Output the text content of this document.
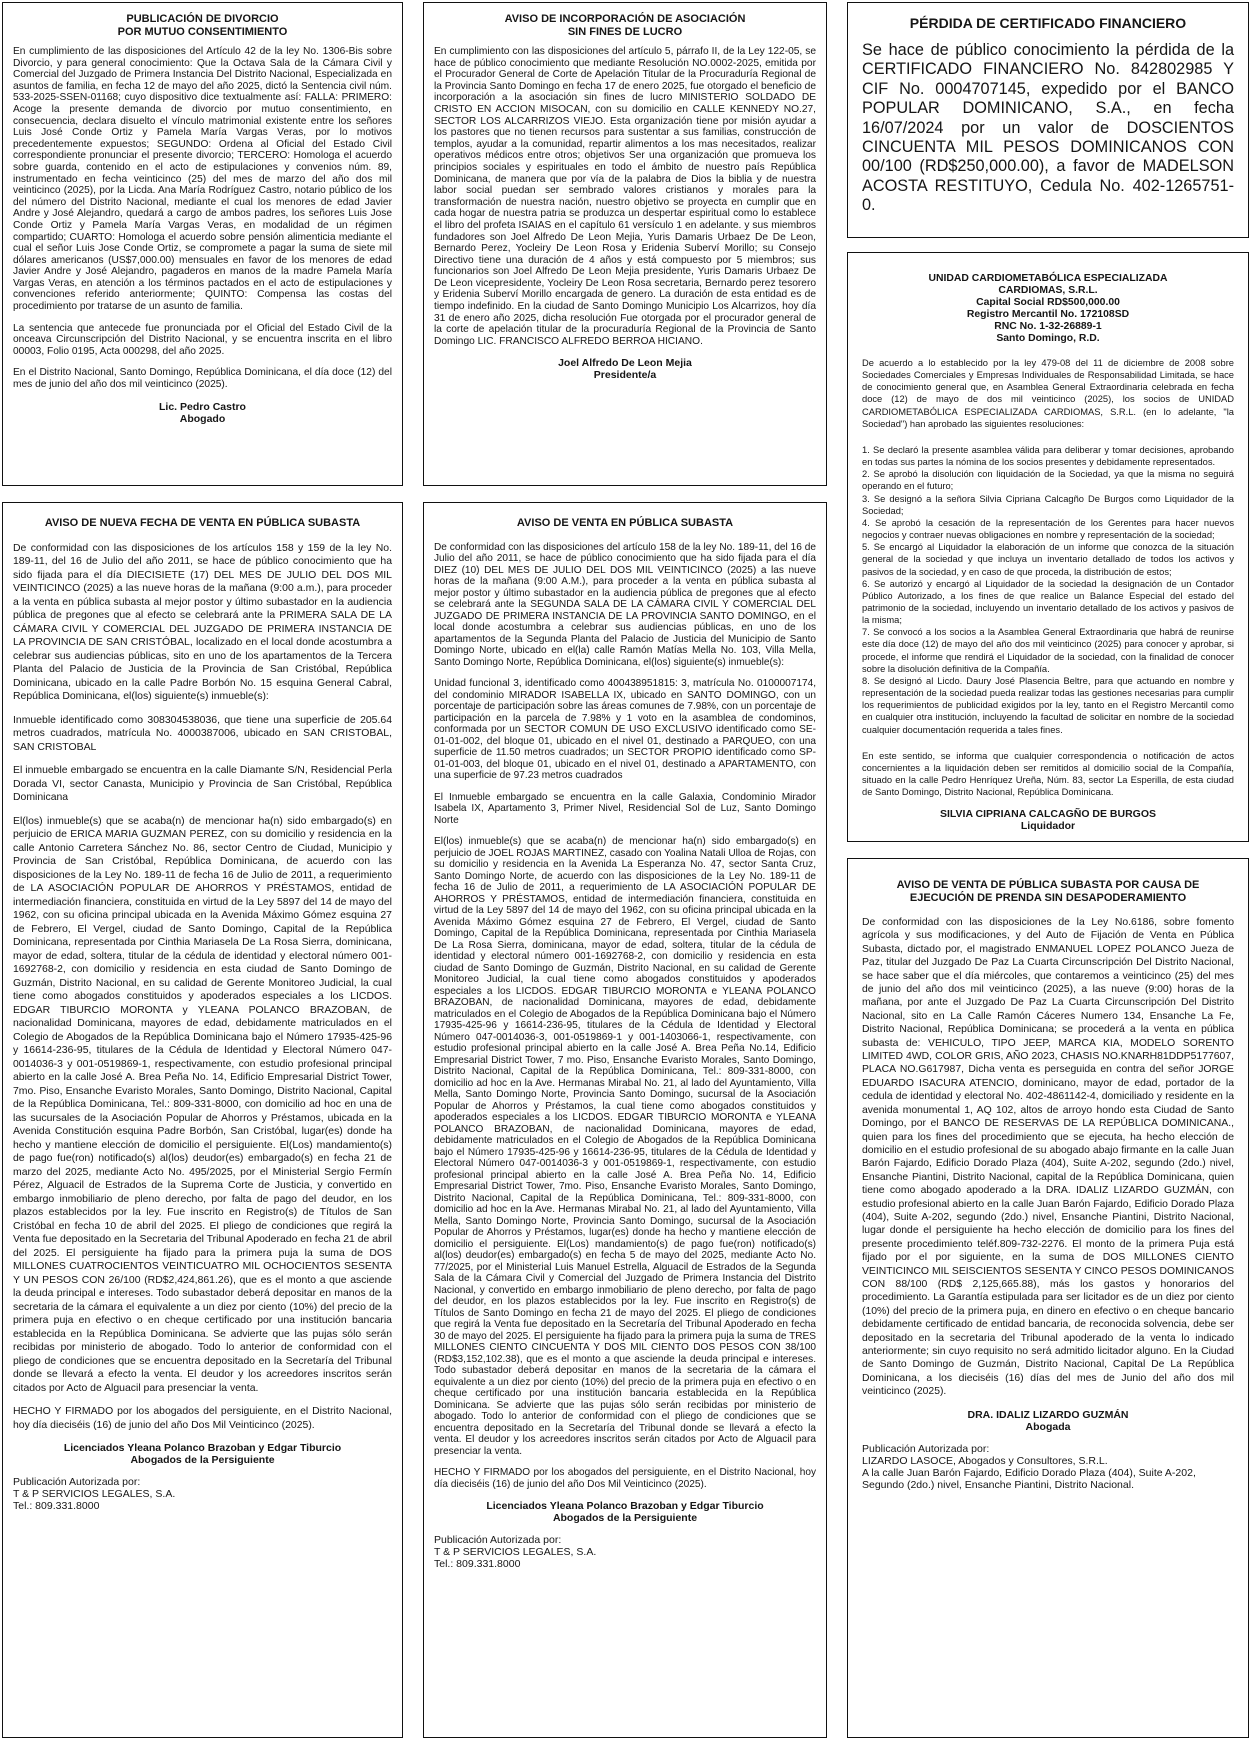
PUBLICACIÓN DE DIVORCIO
POR MUTUO CONSENTIMIENTO

En cumplimiento de las disposiciones del Artículo 42 de la ley No. 1306-Bis sobre Divorcio, y para general conocimiento: Que la Octava Sala de la Cámara Civil y Comercial del Juzgado de Primera Instancia Del Distrito Nacional, Especializada en asuntos de familia, en fecha 12 de mayo del año 2025, dictó la Sentencia civil núm. 533-2025-SSEN-01168; cuyo dispositivo dice textualmente así: FALLA: PRIMERO: Acoge la presente demanda de divorcio por mutuo consentimiento, en consecuencia, declara disuelto el vínculo matrimonial existente entre los señores Luis José Conde Ortiz y Pamela María Vargas Veras, por lo motivos precedentemente expuestos; SEGUNDO: Ordena al Oficial del Estado Civil correspondiente pronunciar el presente divorcio; TERCERO: Homologa el acuerdo sobre guarda, contenido en el acto de estipulaciones y convenios núm. 89, instrumentado en fecha veinticinco (25) del mes de marzo del año dos mil veinticinco (2025), por la Licda. Ana María Rodríguez Castro, notario público de los del número del Distrito Nacional, mediante el cual los menores de edad Javier Andre y José Alejandro, quedará a cargo de ambos padres, los señores Luis Jose Conde Ortiz y Pamela María Vargas Veras, en modalidad de un régimen compartido; CUARTO: Homologa el acuerdo sobre pensión alimenticia mediante el cual el señor Luis Jose Conde Ortiz, se compromete a pagar la suma de siete mil dólares americanos (US$7,000.00) mensuales en favor de los menores de edad Javier Andre y José Alejandro, pagaderos en manos de la madre Pamela María Vargas Veras, en atención a los términos pactados en el acto de estipulaciones y convenciones referido anteriormente; QUINTO: Compensa las costas del procedimiento por tratarse de un asunto de familia.

La sentencia que antecede fue pronunciada por el Oficial del Estado Civil de la onceava Circunscripción del Distrito Nacional, y se encuentra inscrita en el libro 00003, Folio 0195, Acta 000298, del año 2025.

En el Distrito Nacional, Santo Domingo, República Dominicana, el día doce (12) del mes de junio del año dos mil veinticinco (2025).

Lic. Pedro Castro
Abogado
AVISO DE INCORPORACIÓN DE ASOCIACIÓN
SIN FINES DE LUCRO

En cumplimiento con las disposiciones del artículo 5, párrafo II, de la Ley 122-05, se hace de público conocimiento que mediante Resolución NO.0002-2025, emitida por el Procurador General de Corte de Apelación Titular de la Procuraduría Regional de la Provincia Santo Domingo en fecha 17 de enero 2025, fue otorgado el beneficio de incorporación a la asociación sin fines de lucro MINISTERIO SOLDADO DE CRISTO EN ACCION MISOCAN, con su domicilio en CALLE KENNEDY NO.27, SECTOR LOS ALCARRIZOS VIEJO. Esta organización tiene por misión ayudar a los pastores que no tienen recursos para sustentar a sus familias, construcción de templos, ayudar a la comunidad, repartir alimentos a los mas necesitados, realizar operativos médicos entre otros; objetivos Ser una organización que promueva los principios sociales y espirituales en todo el ámbito de nuestro país República Dominicana, de manera que por vía de la palabra de Dios la biblia y de nuestra labor social puedan ser sembrado valores cristianos y morales para la transformación de nuestra nación, nuestro objetivo se proyecta en cumplir que en cada hogar de nuestra patria se produzca un despertar espiritual como lo establece el libro del profeta ISAIAS en el capítulo 61 versículo 1 en adelante. y sus miembros fundadores son Joel Alfredo De Leon Mejia, Yuris Damaris Urbaez De De Leon, Bernardo Perez, Yocleiry De Leon Rosa y Eridenia Suberví Morillo; su Consejo Directivo tiene una duración de 4 años y está compuesto por 5 miembros; sus funcionarios son Joel Alfredo De Leon Mejia presidente, Yuris Damaris Urbaez De De Leon vicepresidente, Yocleiry De Leon Rosa secretaria, Bernardo perez tesorero y Eridenia Suberví Morillo encargada de genero. La duración de esta entidad es de tiempo indefinido. En la ciudad de Santo Domingo Municipio Los Alcarrizos, hoy día 31 de enero año 2025, dicha resolución Fue otorgada por el procurador general de la corte de apelación titular de la procuraduría Regional de la Provincia de Santo Domingo LIC. FRANCISCO ALFREDO BERROA HICIANO.

Joel Alfredo De Leon Mejia
Presidente/a
PÉRDIDA DE CERTIFICADO FINANCIERO
Se hace de público conocimiento la pérdida de la CERTIFICADO FINANCIERO No. 842802985 Y CIF No. 0004707145, expedido por el BANCO POPULAR DOMINICANO, S.A., en fecha 16/07/2024 por un valor de DOSCIENTOS CINCUENTA MIL PESOS DOMINICANOS CON 00/100 (RD$250,000.00), a favor de MADELSON ACOSTA RESTITUYO, Cedula No. 402-1265751-0.
UNIDAD CARDIOMETABÓLICA ESPECIALIZADA
CARDIOMAS, S.R.L.
Capital Social RD$500,000.00
Registro Mercantil No. 172108SD
RNC No. 1-32-26889-1
Santo Domingo, R.D.

De acuerdo a lo establecido por la ley 479-08 del 11 de diciembre de 2008 sobre Sociedades Comerciales y Empresas Individuales de Responsabilidad Limitada, se hace de conocimiento general que, en Asamblea General Extraordinaria celebrada en fecha doce (12) de mayo de dos mil veinticinco (2025), los socios de UNIDAD CARDIOMETABÓLICA ESPECIALIZADA CARDIOMAS, S.R.L. (en lo adelante, "la Sociedad") han aprobado las siguientes resoluciones:

1. Se declaró la presente asamblea válida para deliberar y tomar decisiones, aprobando en todas sus partes la nómina de los socios presentes y debidamente representados.
2. Se aprobó la disolución con liquidación de la Sociedad, ya que la misma no seguirá operando en el futuro;
3. Se designó a la señora Silvia Cipriana Calcagño De Burgos como Liquidador de la Sociedad;
4. Se aprobó la cesación de la representación de los Gerentes para hacer nuevos negocios y contraer nuevas obligaciones en nombre y representación de la sociedad;
5. Se encargó al Liquidador la elaboración de un informe que conozca de la situación general de la sociedad y que incluya un inventario detallado de todos los activos y pasivos de la sociedad, y en caso de que proceda, la distribución de estos;
6. Se autorizó y encargó al Liquidador de la sociedad la designación de un Contador Público Autorizado, a los fines de que realice un Balance Especial del estado del patrimonio de la sociedad, incluyendo un inventario detallado de los activos y pasivos de la misma;
7. Se convocó a los socios a la Asamblea General Extraordinaria que habrá de reunirse este día doce (12) de mayo del año dos mil veinticinco (2025) para conocer y aprobar, si procede, el informe que rendirá el Liquidador de la sociedad, con la finalidad de conocer sobre la disolución definitiva de la Compañía.
8. Se designó al Licdo. Daury José Plasencia Beltre, para que actuando en nombre y representación de la sociedad pueda realizar todas las gestiones necesarias para cumplir los requerimientos de publicidad exigidos por la ley, tanto en el Registro Mercantil como en cualquier otra institución, incluyendo la facultad de solicitar en nombre de la sociedad cualquier documentación requerida a tales fines.

En este sentido, se informa que cualquier correspondencia o notificación de actos concernientes a la liquidación deben ser remitidos al domicilio social de la Compañía, situado en la calle Pedro Henríquez Ureña, Núm. 83, sector La Esperilla, de esta ciudad de Santo Domingo, Distrito Nacional, República Dominicana.

SILVIA CIPRIANA CALCAGÑO DE BURGOS
Liquidador
AVISO DE NUEVA FECHA DE VENTA EN PÚBLICA SUBASTA

De conformidad con las disposiciones de los artículos 158 y 159 de la ley No. 189-11, del 16 de Julio del año 2011, se hace de público conocimiento que ha sido fijada para el día DIECISIETE (17) DEL MES DE JULIO DEL DOS MIL VEINTICINCO (2025) a las nueve horas de la mañana (9:00 a.m.), para proceder a la venta en pública subasta al mejor postor y último subastador en la audiencia pública de pregones que al efecto se celebrará ante la PRIMERA SALA DE LA CÁMARA CIVIL Y COMERCIAL DEL JUZGADO DE PRIMERA INSTANCIA DE LA PROVINCIA DE SAN CRISTÓBAL, localizado en el local donde acostumbra a celebrar sus audiencias públicas, sito en uno de los apartamentos de la Tercera Planta del Palacio de Justicia de la Provincia de San Cristóbal, República Dominicana, ubicado en la calle Padre Borbón No. 15 esquina General Cabral, República Dominicana, el(los) siguiente(s) inmueble(s):

Inmueble identificado como 308304538036, que tiene una superficie de 205.64 metros cuadrados, matrícula No. 4000387006, ubicado en SAN CRISTOBAL, SAN CRISTOBAL

El inmueble embargado se encuentra en la calle Diamante S/N, Residencial Perla Dorada VI, sector Canasta, Municipio y Provincia de San Cristóbal, República Dominicana

El(los) inmueble(s) que se acaba(n) de mencionar ha(n) sido embargado(s) en perjuicio de ERICA MARIA GUZMAN PEREZ, con su domicilio y residencia en la calle Antonio Carretera Sánchez No. 86, sector Centro de Ciudad, Municipio y Provincia de San Cristóbal, República Dominicana, de acuerdo con las disposiciones de la Ley No. 189-11 de fecha 16 de Julio de 2011, a requerimiento de LA ASOCIACIÓN POPULAR DE AHORROS Y PRÉSTAMOS, entidad de intermediación financiera, constituida en virtud de la Ley 5897 del 14 de mayo del 1962, con su oficina principal ubicada en la Avenida Máximo Gómez esquina 27 de Febrero, El Vergel, ciudad de Santo Domingo, Capital de la República Dominicana, representada por Cinthia Mariasela De La Rosa Sierra, dominicana, mayor de edad, soltera, titular de la cédula de identidad y electoral número 001-1692768-2, con domicilio y residencia en esta ciudad de Santo Domingo de Guzmán, Distrito Nacional, en su calidad de Gerente Monitoreo Judicial, la cual tiene como abogados constituidos y apoderados especiales a los LICDOS. EDGAR TIBURCIO MORONTA y YLEANA POLANCO BRAZOBAN, de nacionalidad Dominicana, mayores de edad, debidamente matriculados en el Colegio de Abogados de la República Dominicana bajo el Número 17935-425-96 y 16614-236-95, titulares de la Cédula de Identidad y Electoral Número 047-0014036-3 y 001-0519869-1, respectivamente, con estudio profesional principal abierto en la calle José A. Brea Peña No. 14, Edificio Empresarial District Tower, 7mo. Piso, Ensanche Evaristo Morales, Santo Domingo, Distrito Nacional, Capital de la República Dominicana, Tel.: 809-331-8000, con domicilio ad hoc en una de las sucursales de la Asociación Popular de Ahorros y Préstamos, ubicada en la Avenida Constitución esquina Padre Borbón, San Cristóbal, lugar(es) donde ha hecho y mantiene elección de domicilio el persiguiente. El(Los) mandamiento(s) de pago fue(ron) notificado(s) al(los) deudor(es) embargado(s) en fecha 21 de marzo del 2025, mediante Acto No. 495/2025, por el Ministerial Sergio Fermín Pérez, Alguacil de Estrados de la Suprema Corte de Justicia, y convertido en embargo inmobiliario de pleno derecho, por falta de pago del deudor, en los plazos establecidos por la ley. Fue inscrito en Registro(s) de Títulos de San Cristóbal en fecha 10 de abril del 2025. El pliego de condiciones que regirá la Venta fue depositado en la Secretaria del Tribunal Apoderado en fecha 21 de abril del 2025. El persiguiente ha fijado para la primera puja la suma de DOS MILLONES CUATROCIENTOS VEINTICUATRO MIL OCHOCIENTOS SESENTA Y UN PESOS CON 26/100 (RD$2,424,861.26), que es el monto a que asciende la deuda principal e intereses. Todo subastador deberá depositar en manos de la secretaria de la cámara el equivalente a un diez por ciento (10%) del precio de la primera puja en efectivo o en cheque certificado por una institución bancaria establecida en la República Dominicana. Se advierte que las pujas sólo serán recibidas por ministerio de abogado. Todo lo anterior de conformidad con el pliego de condiciones que se encuentra depositado en la Secretaría del Tribunal donde se llevará a efecto la venta. El deudor y los acreedores inscritos serán citados por Acto de Alguacil para presenciar la venta.

HECHO Y FIRMADO por los abogados del persiguiente, en el Distrito Nacional, hoy día dieciséis (16) de junio del año Dos Mil Veinticinco (2025).

Licenciados Yleana Polanco Brazoban y Edgar Tiburcio
Abogados de la Persiguiente
Publicación Autorizada por:
T & P SERVICIOS LEGALES, S.A.
Tel.: 809.331.8000
AVISO DE VENTA EN PÚBLICA SUBASTA

De conformidad con las disposiciones del artículo 158 de la ley No. 189-11, del 16 de Julio del año 2011, se hace de público conocimiento que ha sido fijada para el día DIEZ (10) DEL MES DE JULIO DEL DOS MIL VEINTICINCO (2025) a las nueve horas de la mañana (9:00 A.M.), para proceder a la venta en pública subasta al mejor postor y último subastador en la audiencia pública de pregones que al efecto se celebrará ante la SEGUNDA SALA DE LA CÁMARA CIVIL Y COMERCIAL DEL JUZGADO DE PRIMERA INSTANCIA DE LA PROVINCIA SANTO DOMINGO, en el local donde acostumbra a celebrar sus audiencias públicas, en uno de los apartamentos de la Segunda Planta del Palacio de Justicia del Municipio de Santo Domingo Norte, ubicado en el(la) calle Ramón Matías Mella No. 103, Villa Mella, Santo Domingo Norte, República Dominicana, el(los) siguiente(s) inmueble(s):

Unidad funcional 3, identificado como 400438951815: 3, matrícula No. 0100007174, del condominio MIRADOR ISABELLA IX, ubicado en SANTO DOMINGO, con un porcentaje de participación sobre las áreas comunes de 7.98%, con un porcentaje de participación en la parcela de 7.98% y 1 voto en la asamblea de condominos, conformada por un SECTOR COMUN DE USO EXCLUSIVO identificado como SE-01-01-002, del bloque 01, ubicado en el nivel 01, destinado a PARQUEO, con una superficie de 11.50 metros cuadrados; un SECTOR PROPIO identificado como SP-01-01-003, del bloque 01, ubicado en el nivel 01, destinado a APARTAMENTO, con una superficie de 97.23 metros cuadrados

El Inmueble embargado se encuentra en la calle Galaxia, Condominio Mirador Isabela IX, Apartamento 3, Primer Nivel, Residencial Sol de Luz, Santo Domingo Norte

El(los) inmueble(s) que se acaba(n) de mencionar ha(n) sido embargado(s) en perjuicio de JOEL ROJAS MARTINEZ, casado con Yoalina Natali Ulloa de Rojas, con su domicilio y residencia en la Avenida La Esperanza No. 47, sector Santa Cruz, Santo Domingo Norte, de acuerdo con las disposiciones de la Ley No. 189-11 de fecha 16 de Julio de 2011, a requerimiento de LA ASOCIACIÓN POPULAR DE AHORROS Y PRÉSTAMOS, entidad de intermediación financiera, constituida en virtud de la Ley 5897 del 14 de mayo del 1962, con su oficina principal ubicada en la Avenida Máximo Gómez esquina 27 de Febrero, El Vergel, ciudad de Santo Domingo, Capital de la República Dominicana, representada por Cinthia Mariasela De La Rosa Sierra, dominicana, mayor de edad, soltera, titular de la cédula de identidad y electoral número 001-1692768-2, con domicilio y residencia en esta ciudad de Santo Domingo de Guzmán, Distrito Nacional, en su calidad de Gerente Monitoreo Judicial, la cual tiene como abogados constituidos y apoderados especiales a los LICDOS. EDGAR TIBURCIO MORONTA e YLEANA POLANCO BRAZOBAN, de nacionalidad Dominicana, mayores de edad, debidamente matriculados en el Colegio de Abogados de la República Dominicana bajo el Número 17935-425-96 y 16614-236-95, titulares de la Cédula de Identidad y Electoral Número 047-0014036-3, 001-0519869-1 y 001-1403066-1, respectivamente, con estudio profesional principal abierto en la calle José A. Brea Peña No.14, Edificio Empresarial District Tower, 7 mo. Piso, Ensanche Evaristo Morales, Santo Domingo, Distrito Nacional, Capital de la República Dominicana, Tel.: 809-331-8000, con domicilio ad hoc en la Ave. Hermanas Mirabal No. 21, al lado del Ayuntamiento, Villa Mella, Santo Domingo Norte, Provincia Santo Domingo, sucursal de la Asociación Popular de Ahorros y Préstamos, la cual tiene como abogados constituidos y apoderados especiales a los LICDOS. EDGAR TIBURCIO MORONTA e YLEANA POLANCO BRAZOBAN, de nacionalidad Dominicana, mayores de edad, debidamente matriculados en el Colegio de Abogados de la República Dominicana bajo el Número 17935-425-96 y 16614-236-95, titulares de la Cédula de Identidad y Electoral Número 047-0014036-3 y 001-0519869-1, respectivamente, con estudio profesional principal abierto en la calle José A. Brea Peña No. 14, Edificio Empresarial District Tower, 7mo. Piso, Ensanche Evaristo Morales, Santo Domingo, Distrito Nacional, Capital de la República Dominicana, Tel.: 809-331-8000, con domicilio ad hoc en la Ave. Hermanas Mirabal No. 21, al lado del Ayuntamiento, Villa Mella, Santo Domingo Norte, Provincia Santo Domingo, sucursal de la Asociación Popular de Ahorros y Préstamos, lugar(es) donde ha hecho y mantiene elección de domicilio el persiguiente. El(Los) mandamiento(s) de pago fue(ron) notificado(s) al(los) deudor(es) embargado(s) en fecha 5 de mayo del 2025, mediante Acto No. 77/2025, por el Ministerial Luis Manuel Estrella, Alguacil de Estrados de la Segunda Sala de la Cámara Civil y Comercial del Juzgado de Primera Instancia del Distrito Nacional, y convertido en embargo inmobiliario de pleno derecho, por falta de pago del deudor, en los plazos establecidos por la ley. Fue inscrito en Registro(s) de Títulos de Santo Domingo en fecha 21 de mayo del 2025. El pliego de condiciones que regirá la Venta fue depositado en la Secretaría del Tribunal Apoderado en fecha 30 de mayo del 2025. El persiguiente ha fijado para la primera puja la suma de TRES MILLONES CIENTO CINCUENTA Y DOS MIL CIENTO DOS PESOS CON 38/100 (RD$3,152,102.38), que es el monto a que asciende la deuda principal e intereses. Todo subastador deberá depositar en manos de la secretaria de la cámara el equivalente a un diez por ciento (10%) del precio de la primera puja en efectivo o en cheque certificado por una institución bancaria establecida en la República Dominicana. Se advierte que las pujas sólo serán recibidas por ministerio de abogado. Todo lo anterior de conformidad con el pliego de condiciones que se encuentra depositado en la Secretaría del Tribunal donde se llevará a efecto la venta. El deudor y los acreedores inscritos serán citados por Acto de Alguacil para presenciar la venta.

HECHO Y FIRMADO por los abogados del persiguiente, en el Distrito Nacional, hoy día dieciséis (16) de junio del año Dos Mil Veinticinco (2025).

Licenciados Yleana Polanco Brazoban y Edgar Tiburcio
Abogados de la Persiguiente
Publicación Autorizada por:
T & P SERVICIOS LEGALES, S.A.
Tel.: 809.331.8000
AVISO DE VENTA DE PÚBLICA SUBASTA POR CAUSA DE
EJECUCIÓN DE PRENDA SIN DESAPODERAMIENTO

De conformidad con las disposiciones de la Ley No.6186, sobre fomento agrícola y sus modificaciones, y del Auto de Fijación de Venta en Pública Subasta, dictado por, el magistrado ENMANUEL LOPEZ POLANCO Jueza de Paz, titular del Juzgado De Paz La Cuarta Circunscripción Del Distrito Nacional, se hace saber que el día miércoles, que contaremos a veinticinco (25) del mes de junio del año dos mil veinticinco (2025), a las nueve (9:00) horas de la mañana, por ante el Juzgado De Paz La Cuarta Circunscripción Del Distrito Nacional, sito en La Calle Ramón Cáceres Numero 134, Ensanche La Fe, Distrito Nacional, República Dominicana; se procederá a la venta en pública subasta de: VEHICULO, TIPO JEEP, MARCA KIA, MODELO SORENTO LIMITED 4WD, COLOR GRIS, AÑO 2023, CHASIS NO.KNARH81DDP5177607, PLACA NO.G617987, Dicha venta es perseguida en contra del señor JORGE EDUARDO ISACURA ATENCIO, dominicano, mayor de edad, portador de la cedula de identidad y electoral No. 402-4861142-4, domiciliado y residente en la avenida monumental 1, AQ 102, altos de arroyo hondo esta Ciudad de Santo Domingo, por el BANCO DE RESERVAS DE LA REPÚBLICA DOMINICANA., quien para los fines del procedimiento que se ejecuta, ha hecho elección de domicilio en el estudio profesional de su abogado abajo firmante en la calle Juan Barón Fajardo, Edificio Dorado Plaza (404), Suite A-202, segundo (2do.) nivel, Ensanche Piantini, Distrito Nacional, capital de la República Dominicana, quien tiene como abogado apoderado a la DRA. IDALIZ LIZARDO GUZMÁN, con estudio profesional abierto en la calle Juan Barón Fajardo, Edificio Dorado Plaza (404), Suite A-202, segundo (2do.) nivel, Ensanche Piantini, Distrito Nacional, lugar donde el persiguiente ha hecho elección de domicilio para los fines del presente procedimiento teléf.809-732-2276. El monto de la primera Puja está fijado por el por siguiente, en la suma de DOS MILLONES CIENTO VEINTICINCO MIL SEISCIENTOS SESENTA Y CINCO PESOS DOMINICANOS CON 88/100 (RD$ 2,125,665.88), más los gastos y honorarios del procedimiento. La Garantía estipulada para ser licitador es de un diez por ciento (10%) del precio de la primera puja, en dinero en efectivo o en cheque bancario debidamente certificado de entidad bancaria, de reconocida solvencia, debe ser depositado en la secretaria del Tribunal apoderado de la venta lo indicado anteriormente; sin cuyo requisito no será admitido licitador alguno. En la Ciudad de Santo Domingo de Guzmán, Distrito Nacional, Capital De La República Dominicana, a los dieciséis (16) días del mes de Junio del año dos mil veinticinco (2025).

DRA. IDALIZ LIZARDO GUZMÁN
Abogada
Publicación Autorizada por:
LIZARDO LASOCE, Abogados y Consultores, S.R.L.
A la calle Juan Barón Fajardo, Edificio Dorado Plaza (404), Suite A-202, Segundo (2do.) nivel, Ensanche Piantini, Distrito Nacional.
